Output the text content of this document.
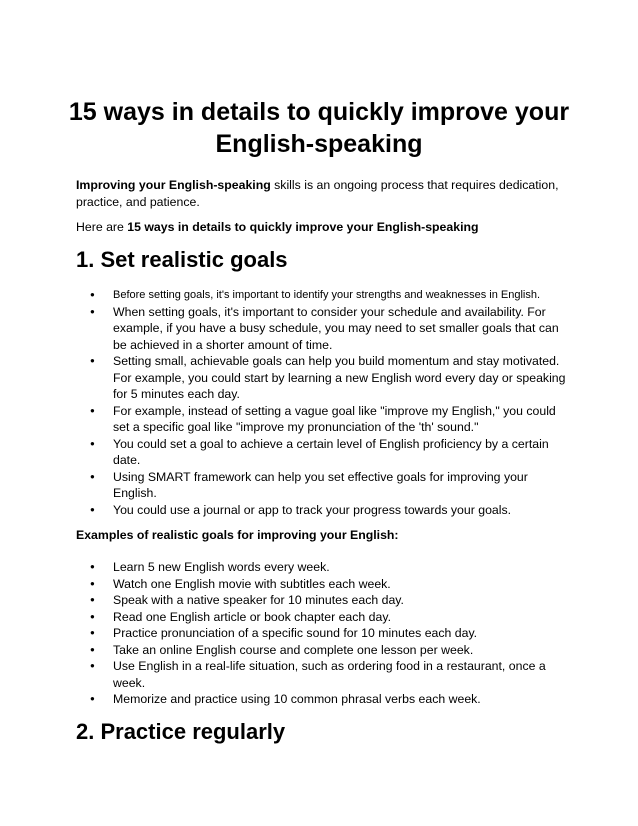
15 ways in details to quickly improve your English-speaking

Improving your English-speaking skills is an ongoing process that requires dedication, practice, and patience.

Here are 15 ways in details to quickly improve your English-speaking

1. Set realistic goals
● Before setting goals, it's important to identify your strengths and weaknesses in English.
● When setting goals, it's important to consider your schedule and availability. For example, if you have a busy schedule, you may need to set smaller goals that can be achieved in a shorter amount of time.
● Setting small, achievable goals can help you build momentum and stay motivated. For example, you could start by learning a new English word every day or speaking for 5 minutes each day.
● For example, instead of setting a vague goal like "improve my English," you could set a specific goal like "improve my pronunciation of the 'th' sound."
● You could set a goal to achieve a certain level of English proficiency by a certain date.
● Using SMART framework can help you set effective goals for improving your English.
● You could use a journal or app to track your progress towards your goals.

Examples of realistic goals for improving your English:

● Learn 5 new English words every week.
● Watch one English movie with subtitles each week.
● Speak with a native speaker for 10 minutes each day.
● Read one English article or book chapter each day.
● Practice pronunciation of a specific sound for 10 minutes each day.
● Take an online English course and complete one lesson per week.
● Use English in a real-life situation, such as ordering food in a restaurant, once a week.
● Memorize and practice using 10 common phrasal verbs each week.
2. Practice regularly
